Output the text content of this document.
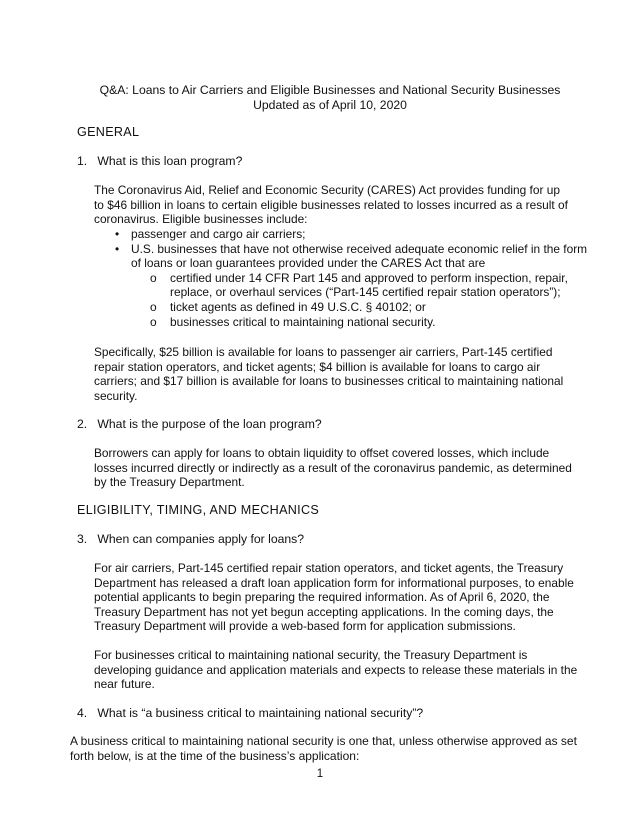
Q&A: Loans to Air Carriers and Eligible Businesses and National Security Businesses
Updated as of April 10, 2020
GENERAL
1. What is this loan program?
The Coronavirus Aid, Relief and Economic Security (CARES) Act provides funding for up
to $46 billion in loans to certain eligible businesses related to losses incurred as a result of
coronavirus. Eligible businesses include:
• passenger and cargo air carriers;
• U.S. businesses that have not otherwise received adequate economic relief in the form
of loans or loan guarantees provided under the CARES Act that are
o certified under 14 CFR Part 145 and approved to perform inspection, repair,
replace, or overhaul services (“Part-145 certified repair station operators”);
o ticket agents as defined in 49 U.S.C. § 40102; or
o businesses critical to maintaining national security.
Specifically, $25 billion is available for loans to passenger air carriers, Part-145 certified
repair station operators, and ticket agents; $4 billion is available for loans to cargo air
carriers; and $17 billion is available for loans to businesses critical to maintaining national
security.
2. What is the purpose of the loan program?
Borrowers can apply for loans to obtain liquidity to offset covered losses, which include
losses incurred directly or indirectly as a result of the coronavirus pandemic, as determined
by the Treasury Department.
ELIGIBILITY, TIMING, AND MECHANICS
3. When can companies apply for loans?
For air carriers, Part-145 certified repair station operators, and ticket agents, the Treasury
Department has released a draft loan application form for informational purposes, to enable
potential applicants to begin preparing the required information. As of April 6, 2020, the
Treasury Department has not yet begun accepting applications. In the coming days, the
Treasury Department will provide a web-based form for application submissions.
For businesses critical to maintaining national security, the Treasury Department is
developing guidance and application materials and expects to release these materials in the
near future.
4. What is “a business critical to maintaining national security”?
A business critical to maintaining national security is one that, unless otherwise approved as set
forth below, is at the time of the business’s application:
1
